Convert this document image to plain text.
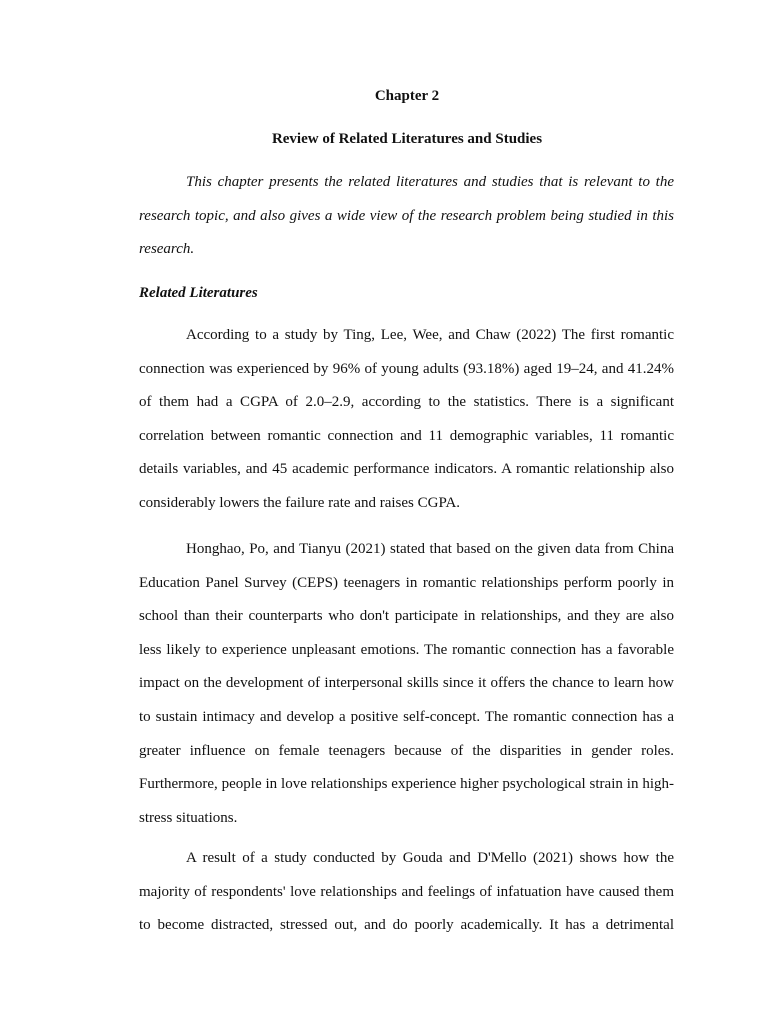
Chapter 2
Review of Related Literatures and Studies

This chapter presents the related literatures and studies that is relevant to the research topic, and also gives a wide view of the research problem being studied in this research.

Related Literatures

According to a study by Ting, Lee, Wee, and Chaw (2022) The first romantic connection was experienced by 96% of young adults (93.18%) aged 19–24, and 41.24% of them had a CGPA of 2.0–2.9, according to the statistics. There is a significant correlation between romantic connection and 11 demographic variables, 11 romantic details variables, and 45 academic performance indicators. A romantic relationship also considerably lowers the failure rate and raises CGPA.

Honghao, Po, and Tianyu (2021) stated that based on the given data from China Education Panel Survey (CEPS) teenagers in romantic relationships perform poorly in school than their counterparts who don't participate in relationships, and they are also less likely to experience unpleasant emotions. The romantic connection has a favorable impact on the development of interpersonal skills since it offers the chance to learn how to sustain intimacy and develop a positive self-concept. The romantic connection has a greater influence on female teenagers because of the disparities in gender roles. Furthermore, people in love relationships experience higher psychological strain in high-stress situations.

A result of a study conducted by Gouda and D'Mello (2021) shows how the majority of respondents' love relationships and feelings of infatuation have caused them to become distracted, stressed out, and do poorly academically. It has a detrimental
